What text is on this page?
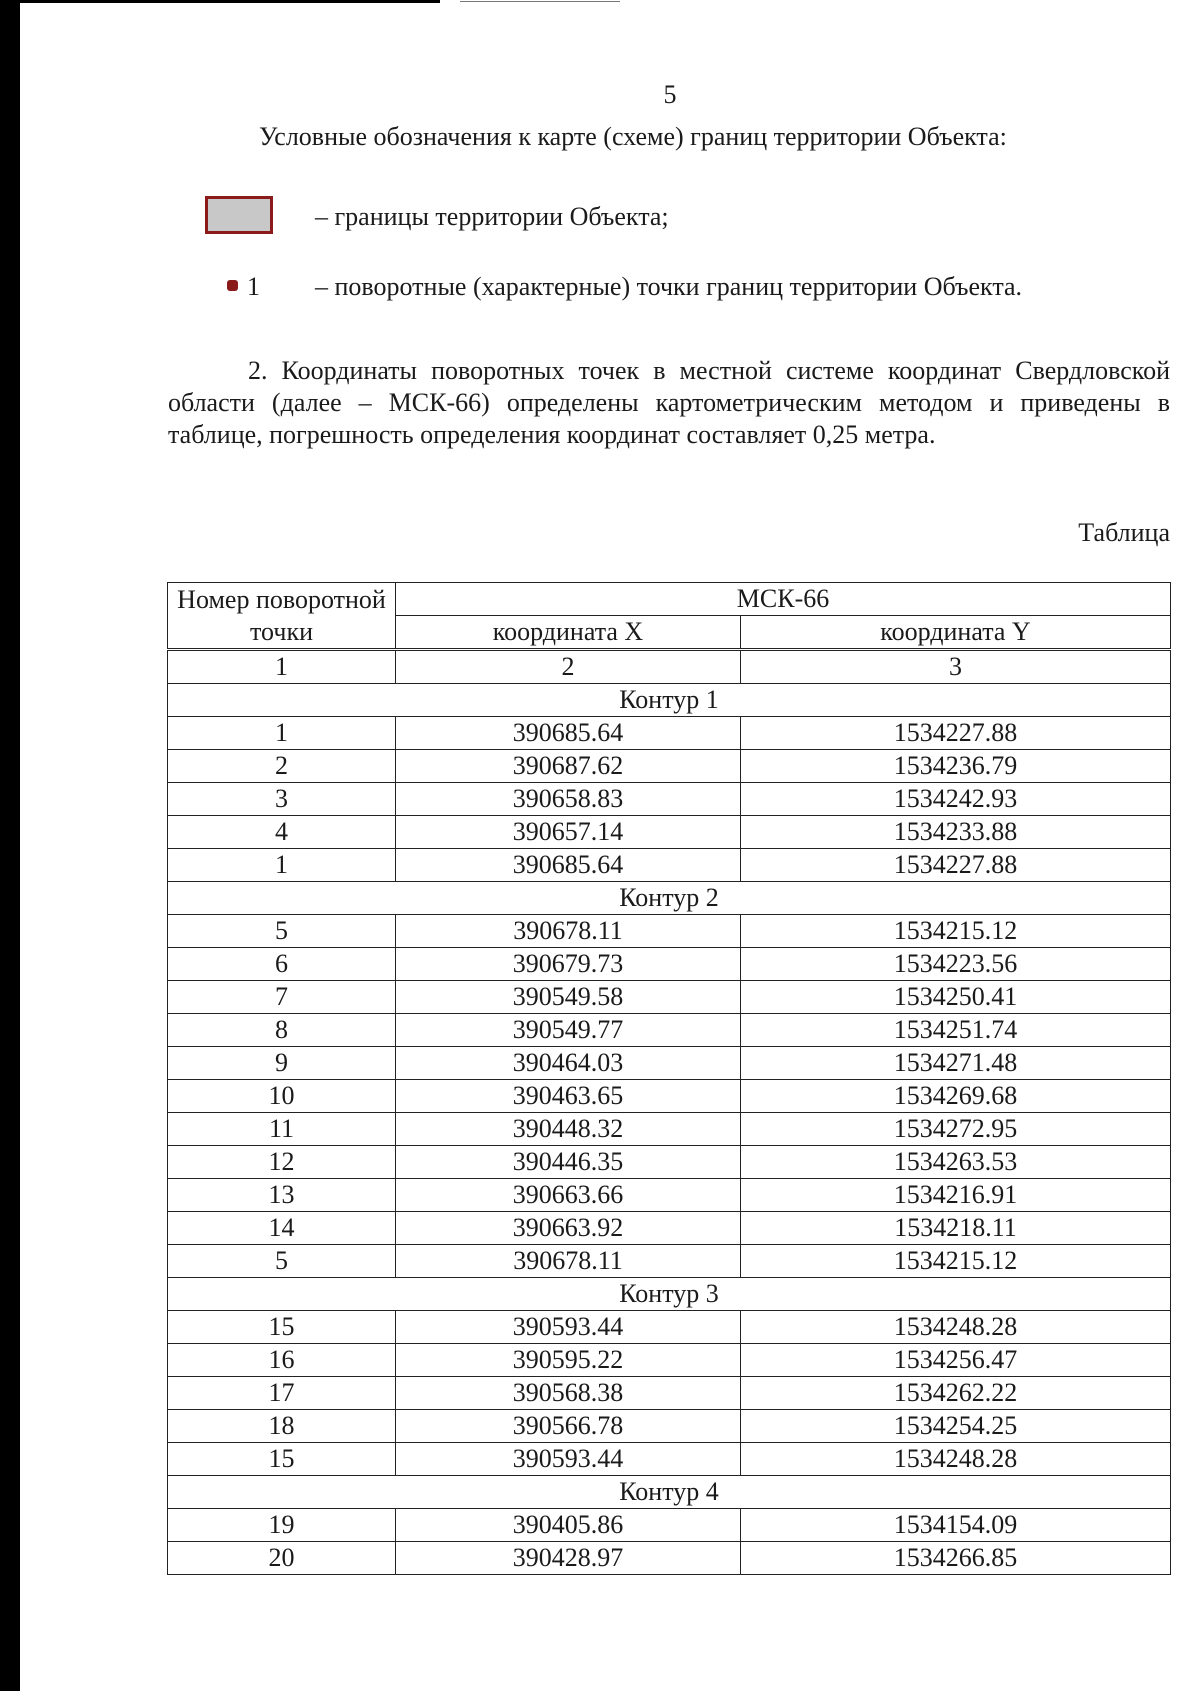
5
Условные обозначения к карте (схеме) границ территории Объекта:
– границы территории Объекта;
1 – поворотные (характерные) точки границ территории Объекта.
2. Координаты поворотных точек в местной системе координат Свердловской области (далее – МСК-66) определены картометрическим методом и приведены в таблице, погрешность определения координат составляет 0,25 метра.
Таблица
Номер поворотной точки	МСК-66	
	координата X	координата Y
1	2	3
Контур 1		
1	390685.64	1534227.88
2	390687.62	1534236.79
3	390658.83	1534242.93
4	390657.14	1534233.88
1	390685.64	1534227.88
Контур 2		
5	390678.11	1534215.12
6	390679.73	1534223.56
7	390549.58	1534250.41
8	390549.77	1534251.74
9	390464.03	1534271.48
10	390463.65	1534269.68
11	390448.32	1534272.95
12	390446.35	1534263.53
13	390663.66	1534216.91
14	390663.92	1534218.11
5	390678.11	1534215.12
Контур 3		
15	390593.44	1534248.28
16	390595.22	1534256.47
17	390568.38	1534262.22
18	390566.78	1534254.25
15	390593.44	1534248.28
Контур 4		
19	390405.86	1534154.09
20	390428.97	1534266.85
